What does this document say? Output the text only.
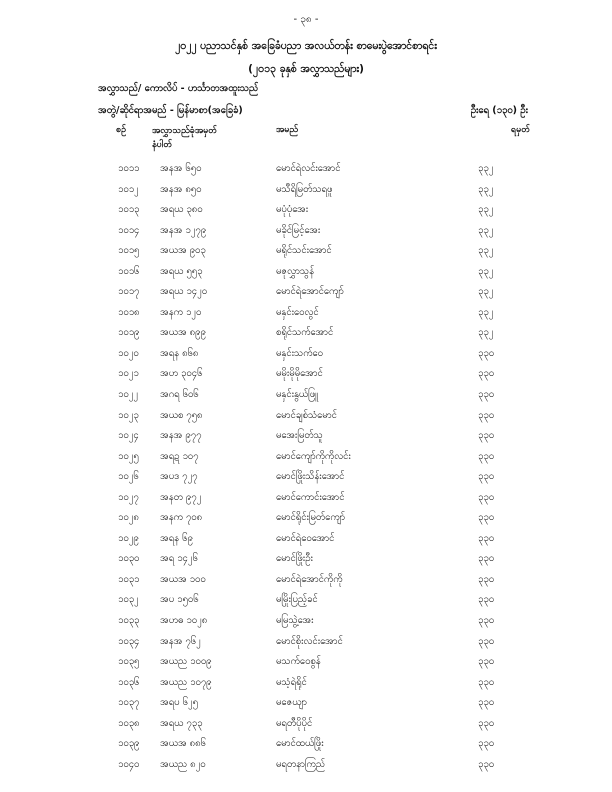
- ၃၈ -
၂၀၂၂ ပညာသင်နှစ် အခြေခံပညာ အလယ်တန်း စာမေးပွဲအောင်စာရင်း
(၂၀၁၃ ခုနှစ် အလွှာသည်များ)
အလွှာသည်/ ကောလိပ် - ဟင်္သာတအထူးသည်
အတွဲ/ဆိုင်ရာအမည် - မြန်မာစာ(အခြေခံ)	ဦးရေ (၁၃၀) ဦး
စဉ်	အလွှာသည်ခုံအမှတ်
နံပါတ်
အမည်	ရမှတ်
၁၀၁၁ အနအ ၆၅၀	မောင်ရဲလင်းအောင်	၃၃၂
၁၀၁၂ အနအ ၈၅၀	မသီရိမြတ်သရဖူ	၃၃၂
၁၀၁၃ အရယ ၃၈၀	မပုံပုံအေး	၃၃၂
၁၀၁၄ အနအ ၁၂၇၉	မခိုင်မြင့်အေး	၃၃၂
၁၀၁၅ အယအ ၉၀၃	မရိုင်သင်းအောင်	၃၃၂
၁၀၁၆ အရယ ၅၅၃	မဇုလွှာသွန်	၃၃၂
၁၀၁၇ အရယ ၁၄၂၀	မောင်ရဲအောင်ကျော်	၃၃၂
၁၀၁၈ အနက ၁၂၀	မနှင်းဝေလွင်	၃၃၂
၁၀၁၉ အယအ ၈၉၉	စရိုင်သက်အောင်	၃၃၂
၁၀၂၀ အရန ၈၆၈	မနှင်းသက်ဝေ	၃၃၀
၁၀၂၁ အဟ ၃၀၄၆	မမိုးမိုမိုအောင်	၃၃၀
၁၀၂၂ အဂရ ၆၀၆	မနှင်းနွယ်ဖြူ	၃၃၀
၁၀၂၃ အယစ ၇၅၈	မောင်ချစ်သံမောင်	၃၃၀
၁၀၂၄ အနအ ၉၇၇	မအေးမြတ်သူ	၃၃၀
၁၀၂၅ အရဍ ၁၀၇	မောင်ကျော်ကိုကိုလင်း	၃၃၀
၁၀၂၆ အပဒ ၇၂၇	မောင်ဖြိုးသိန်းအောင်	၃၃၀
၁၀၂၇ အနတ ၉၇၂	မောင်ကောင်းအောင်	၃၃၀
၁၀၂၈ အနက ၇၀၈	မောင်ရိုင်းမြတ်ကျော်	၃၃၀
၁၀၂၉ အရန ၆၉	မောင်ရဲဝေအောင်	၃၃၀
၁၀၃၀ အရ ၁၄၂၆	မောင်ဖြိုးဦး	၃၃၀
၁၀၃၁ အယအ ၁၀၀	မောင်ရဲအောင်ကိုကို	၃၃၀
၁၀၃၂ အပ ၁၅၀၆	မမြိုးပြည့်ခင်	၃၃၀
၁၀၃၃ အဟဓ ၁၀၂၈	မမြသွဲ့အေး	၃၃၀
၁၀၃၄ အနအ ၇၆၂	မောင်စိုးလင်းအောင်	၃၃၀
၁၀၃၅ အယည ၁၀၀၉	မသက်ဝေစွန်	၃၃၀
၁၀၃၆ အယည ၁၀၇၉	မသံ့ရဲရိုင်	၃၃၀
၁၀၃၇ အရပ ၆၂၅	မဇေယျာ	၃၃၀
၁၀၃၈ အရယ ၇၃၃	မရတီပိုပိုင်	၃၃၀
၁၀၃၉ အယအ ၈၈၆	မောင်ထယ်ဖြိုး	၃၃၀
၁၀၄၀ အယည ၈၂၀	မရတနာကြည်	၃၃၀
